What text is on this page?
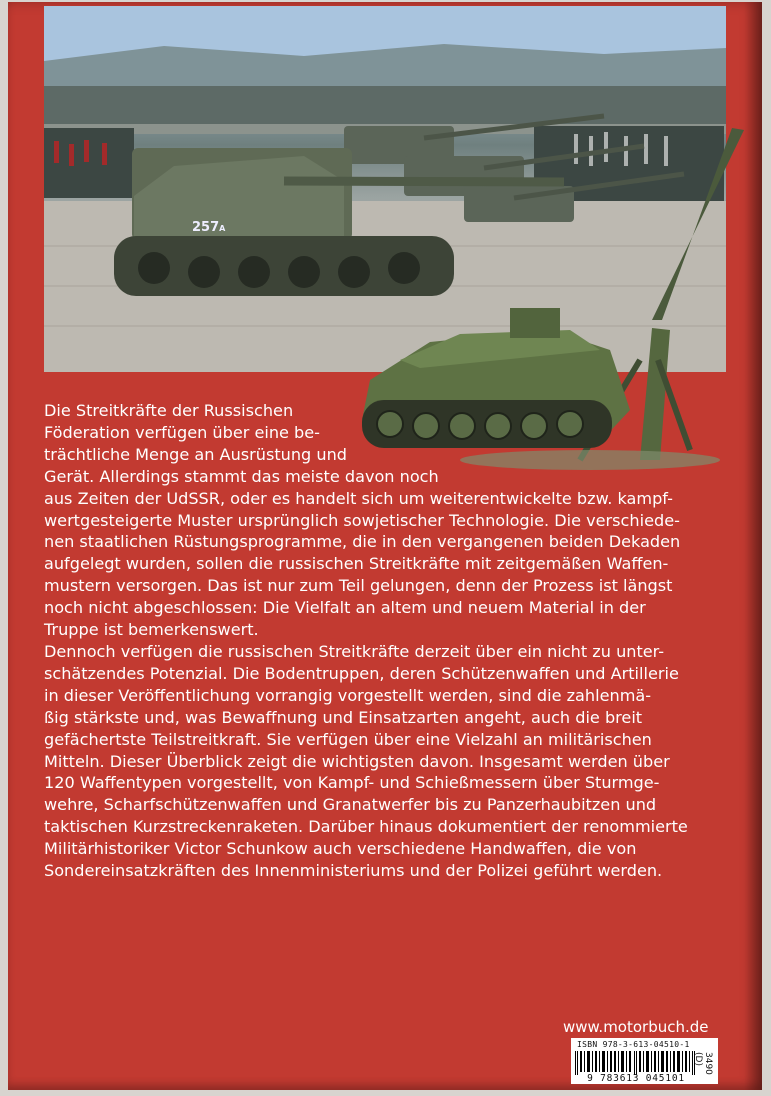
257A
Die Streitkräfte der Russischen
Föderation verfügen über eine be-
trächtliche Menge an Ausrüstung und
Gerät. Allerdings stammt das meiste davon noch
aus Zeiten der UdSSR, oder es handelt sich um weiterentwickelte bzw. kampf-
wertgesteigerte Muster ursprünglich sowjetischer Technologie. Die verschiede-
nen staatlichen Rüstungsprogramme, die in den vergangenen beiden Dekaden
aufgelegt wurden, sollen die russischen Streitkräfte mit zeitgemäßen Waffen-
mustern versorgen. Das ist nur zum Teil gelungen, denn der Prozess ist längst
noch nicht abgeschlossen: Die Vielfalt an altem und neuem Material in der
Truppe ist bemerkenswert.
Dennoch verfügen die russischen Streitkräfte derzeit über ein nicht zu unter-
schätzendes Potenzial. Die Bodentruppen, deren Schützenwaffen und Artillerie
in dieser Veröffentlichung vorrangig vorgestellt werden, sind die zahlenmä-
ßig stärkste und, was Bewaffnung und Einsatzarten angeht, auch die breit
gefächertste Teilstreitkraft. Sie verfügen über eine Vielzahl an militärischen
Mitteln. Dieser Überblick zeigt die wichtigsten davon. Insgesamt werden über
120 Waffentypen vorgestellt, von Kampf- und Schießmessern über Sturmge-
wehre, Scharfschützenwaffen und Granatwerfer bis zu Panzerhaubitzen und
taktischen Kurzstreckenraketen. Darüber hinaus dokumentiert der renommierte
Militärhistoriker Victor Schunkow auch verschiedene Handwaffen, die von
Sondereinsatzkräften des Innenministeriums und der Polizei geführt werden.
www.motorbuch.de
ISBN 978-3-613-04510-1
9 783613 045101
3490 (D)
